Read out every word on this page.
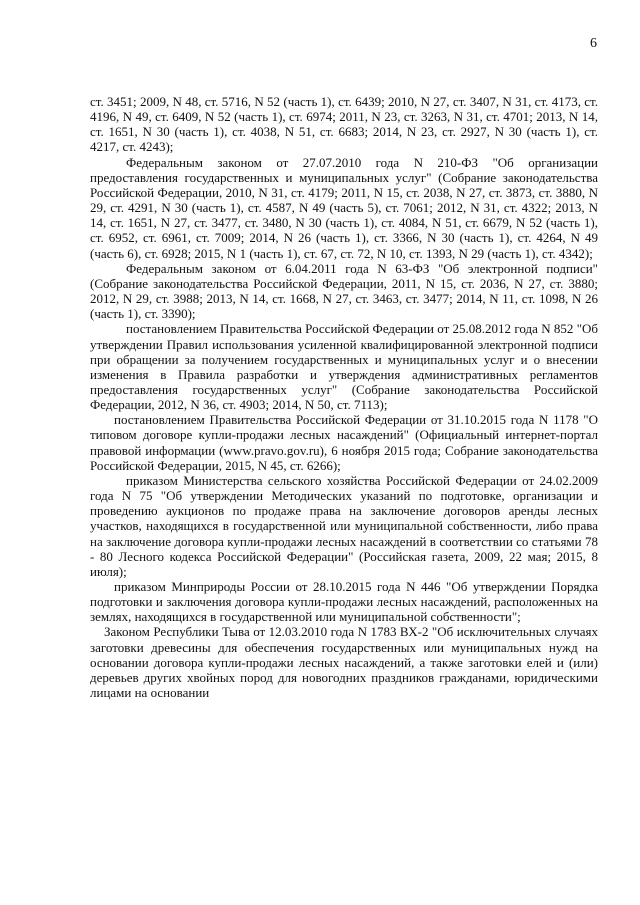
6

ст. 3451; 2009, N 48, ст. 5716, N 52 (часть 1), ст. 6439; 2010, N 27, ст. 3407, N 31, ст. 4173, ст. 4196, N 49, ст. 6409, N 52 (часть 1), ст. 6974; 2011, N 23, ст. 3263, N 31, ст. 4701; 2013, N 14, ст. 1651, N 30 (часть 1), ст. 4038, N 51, ст. 6683; 2014, N 23, ст. 2927, N 30 (часть 1), ст. 4217, ст. 4243);

Федеральным законом от 27.07.2010 года N 210-ФЗ "Об организации предоставления государственных и муниципальных услуг" (Собрание законодательства Российской Федерации, 2010, N 31, ст. 4179; 2011, N 15, ст. 2038, N 27, ст. 3873, ст. 3880, N 29, ст. 4291, N 30 (часть 1), ст. 4587, N 49 (часть 5), ст. 7061; 2012, N 31, ст. 4322; 2013, N 14, ст. 1651, N 27, ст. 3477, ст. 3480, N 30 (часть 1), ст. 4084, N 51, ст. 6679, N 52 (часть 1), ст. 6952, ст. 6961, ст. 7009; 2014, N 26 (часть 1), ст. 3366, N 30 (часть 1), ст. 4264, N 49 (часть 6), ст. 6928; 2015, N 1 (часть 1), ст. 67, ст. 72, N 10, ст. 1393, N 29 (часть 1), ст. 4342);

Федеральным законом от 6.04.2011 года N 63-ФЗ "Об электронной подписи" (Собрание законодательства Российской Федерации, 2011, N 15, ст. 2036, N 27, ст. 3880; 2012, N 29, ст. 3988; 2013, N 14, ст. 1668, N 27, ст. 3463, ст. 3477; 2014, N 11, ст. 1098, N 26 (часть 1), ст. 3390);

постановлением Правительства Российской Федерации от 25.08.2012 года N 852 "Об утверждении Правил использования усиленной квалифицированной электронной подписи при обращении за получением государственных и муниципальных услуг и о внесении изменения в Правила разработки и утверждения административных регламентов предоставления государственных услуг" (Собрание законодательства Российской Федерации, 2012, N 36, ст. 4903; 2014, N 50, ст. 7113);

постановлением Правительства Российской Федерации от 31.10.2015 года N 1178 "О типовом договоре купли-продажи лесных насаждений" (Официальный интернет-портал правовой информации (www.pravo.gov.ru), 6 ноября 2015 года; Собрание законодательства Российской Федерации, 2015, N 45, ст. 6266);

приказом Министерства сельского хозяйства Российской Федерации от 24.02.2009 года N 75 "Об утверждении Методических указаний по подготовке, организации и проведению аукционов по продаже права на заключение договоров аренды лесных участков, находящихся в государственной или муниципальной собственности, либо права на заключение договора купли-продажи лесных насаждений в соответствии со статьями 78 - 80 Лесного кодекса Российской Федерации" (Российская газета, 2009, 22 мая; 2015, 8 июля);

приказом Минприроды России от 28.10.2015 года N 446 "Об утверждении Порядка подготовки и заключения договора купли-продажи лесных насаждений, расположенных на землях, находящихся в государственной или муниципальной собственности";

Законом Республики Тыва от 12.03.2010 года N 1783 ВХ-2 "Об исключительных случаях заготовки древесины для обеспечения государственных или муниципальных нужд на основании договора купли-продажи лесных насаждений, а также заготовки елей и (или) деревьев других хвойных пород для новогодних праздников гражданами, юридическими лицами на основании
